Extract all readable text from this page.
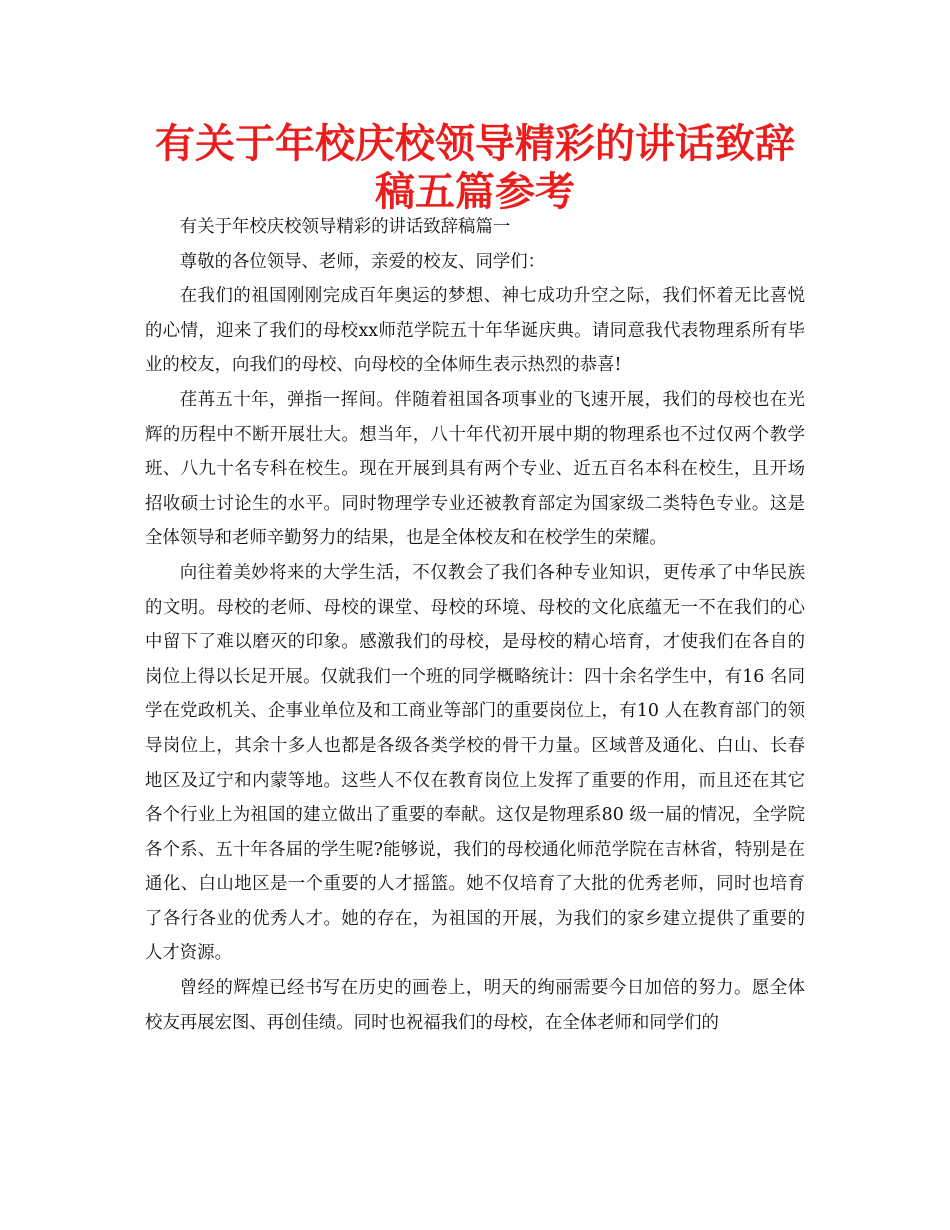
有关于年校庆校领导精彩的讲话致辞稿五篇参考

有关于年校庆校领导精彩的讲话致辞稿篇一

尊敬的各位领导、老师，亲爱的校友、同学们：

在我们的祖国刚刚完成百年奥运的梦想、神七成功升空之际，我们怀着无比喜悦的心情，迎来了我们的母校xx师范学院五十年华诞庆典。请同意我代表物理系所有毕业的校友，向我们的母校、向母校的全体师生表示热烈的恭喜!

荏苒五十年，弹指一挥间。伴随着祖国各项事业的飞速开展，我们的母校也在光辉的历程中不断开展壮大。想当年，八十年代初开展中期的物理系也不过仅两个教学班、八九十名专科在校生。现在开展到具有两个专业、近五百名本科在校生，且开场招收硕士讨论生的水平。同时物理学专业还被教育部定为国家级二类特色专业。这是全体领导和老师辛勤努力的结果，也是全体校友和在校学生的荣耀。

向往着美妙将来的大学生活，不仅教会了我们各种专业知识，更传承了中华民族的文明。母校的老师、母校的课堂、母校的环境、母校的文化底蕴无一不在我们的心中留下了难以磨灭的印象。感激我们的母校，是母校的精心培育，才使我们在各自的岗位上得以长足开展。仅就我们一个班的同学概略统计：四十余名学生中，有16 名同学在党政机关、企事业单位及和工商业等部门的重要岗位上，有10 人在教育部门的领导岗位上，其余十多人也都是各级各类学校的骨干力量。区域普及通化、白山、长春地区及辽宁和内蒙等地。这些人不仅在教育岗位上发挥了重要的作用，而且还在其它各个行业上为祖国的建立做出了重要的奉献。这仅是物理系80 级一届的情况，全学院各个系、五十年各届的学生呢?能够说，我们的母校通化师范学院在吉林省，特别是在通化、白山地区是一个重要的人才摇篮。她不仅培育了大批的优秀老师，同时也培育了各行各业的优秀人才。她的存在，为祖国的开展，为我们的家乡建立提供了重要的人才资源。

曾经的辉煌已经书写在历史的画卷上，明天的绚丽需要今日加倍的努力。愿全体校友再展宏图、再创佳绩。同时也祝福我们的母校，在全体老师和同学们的
